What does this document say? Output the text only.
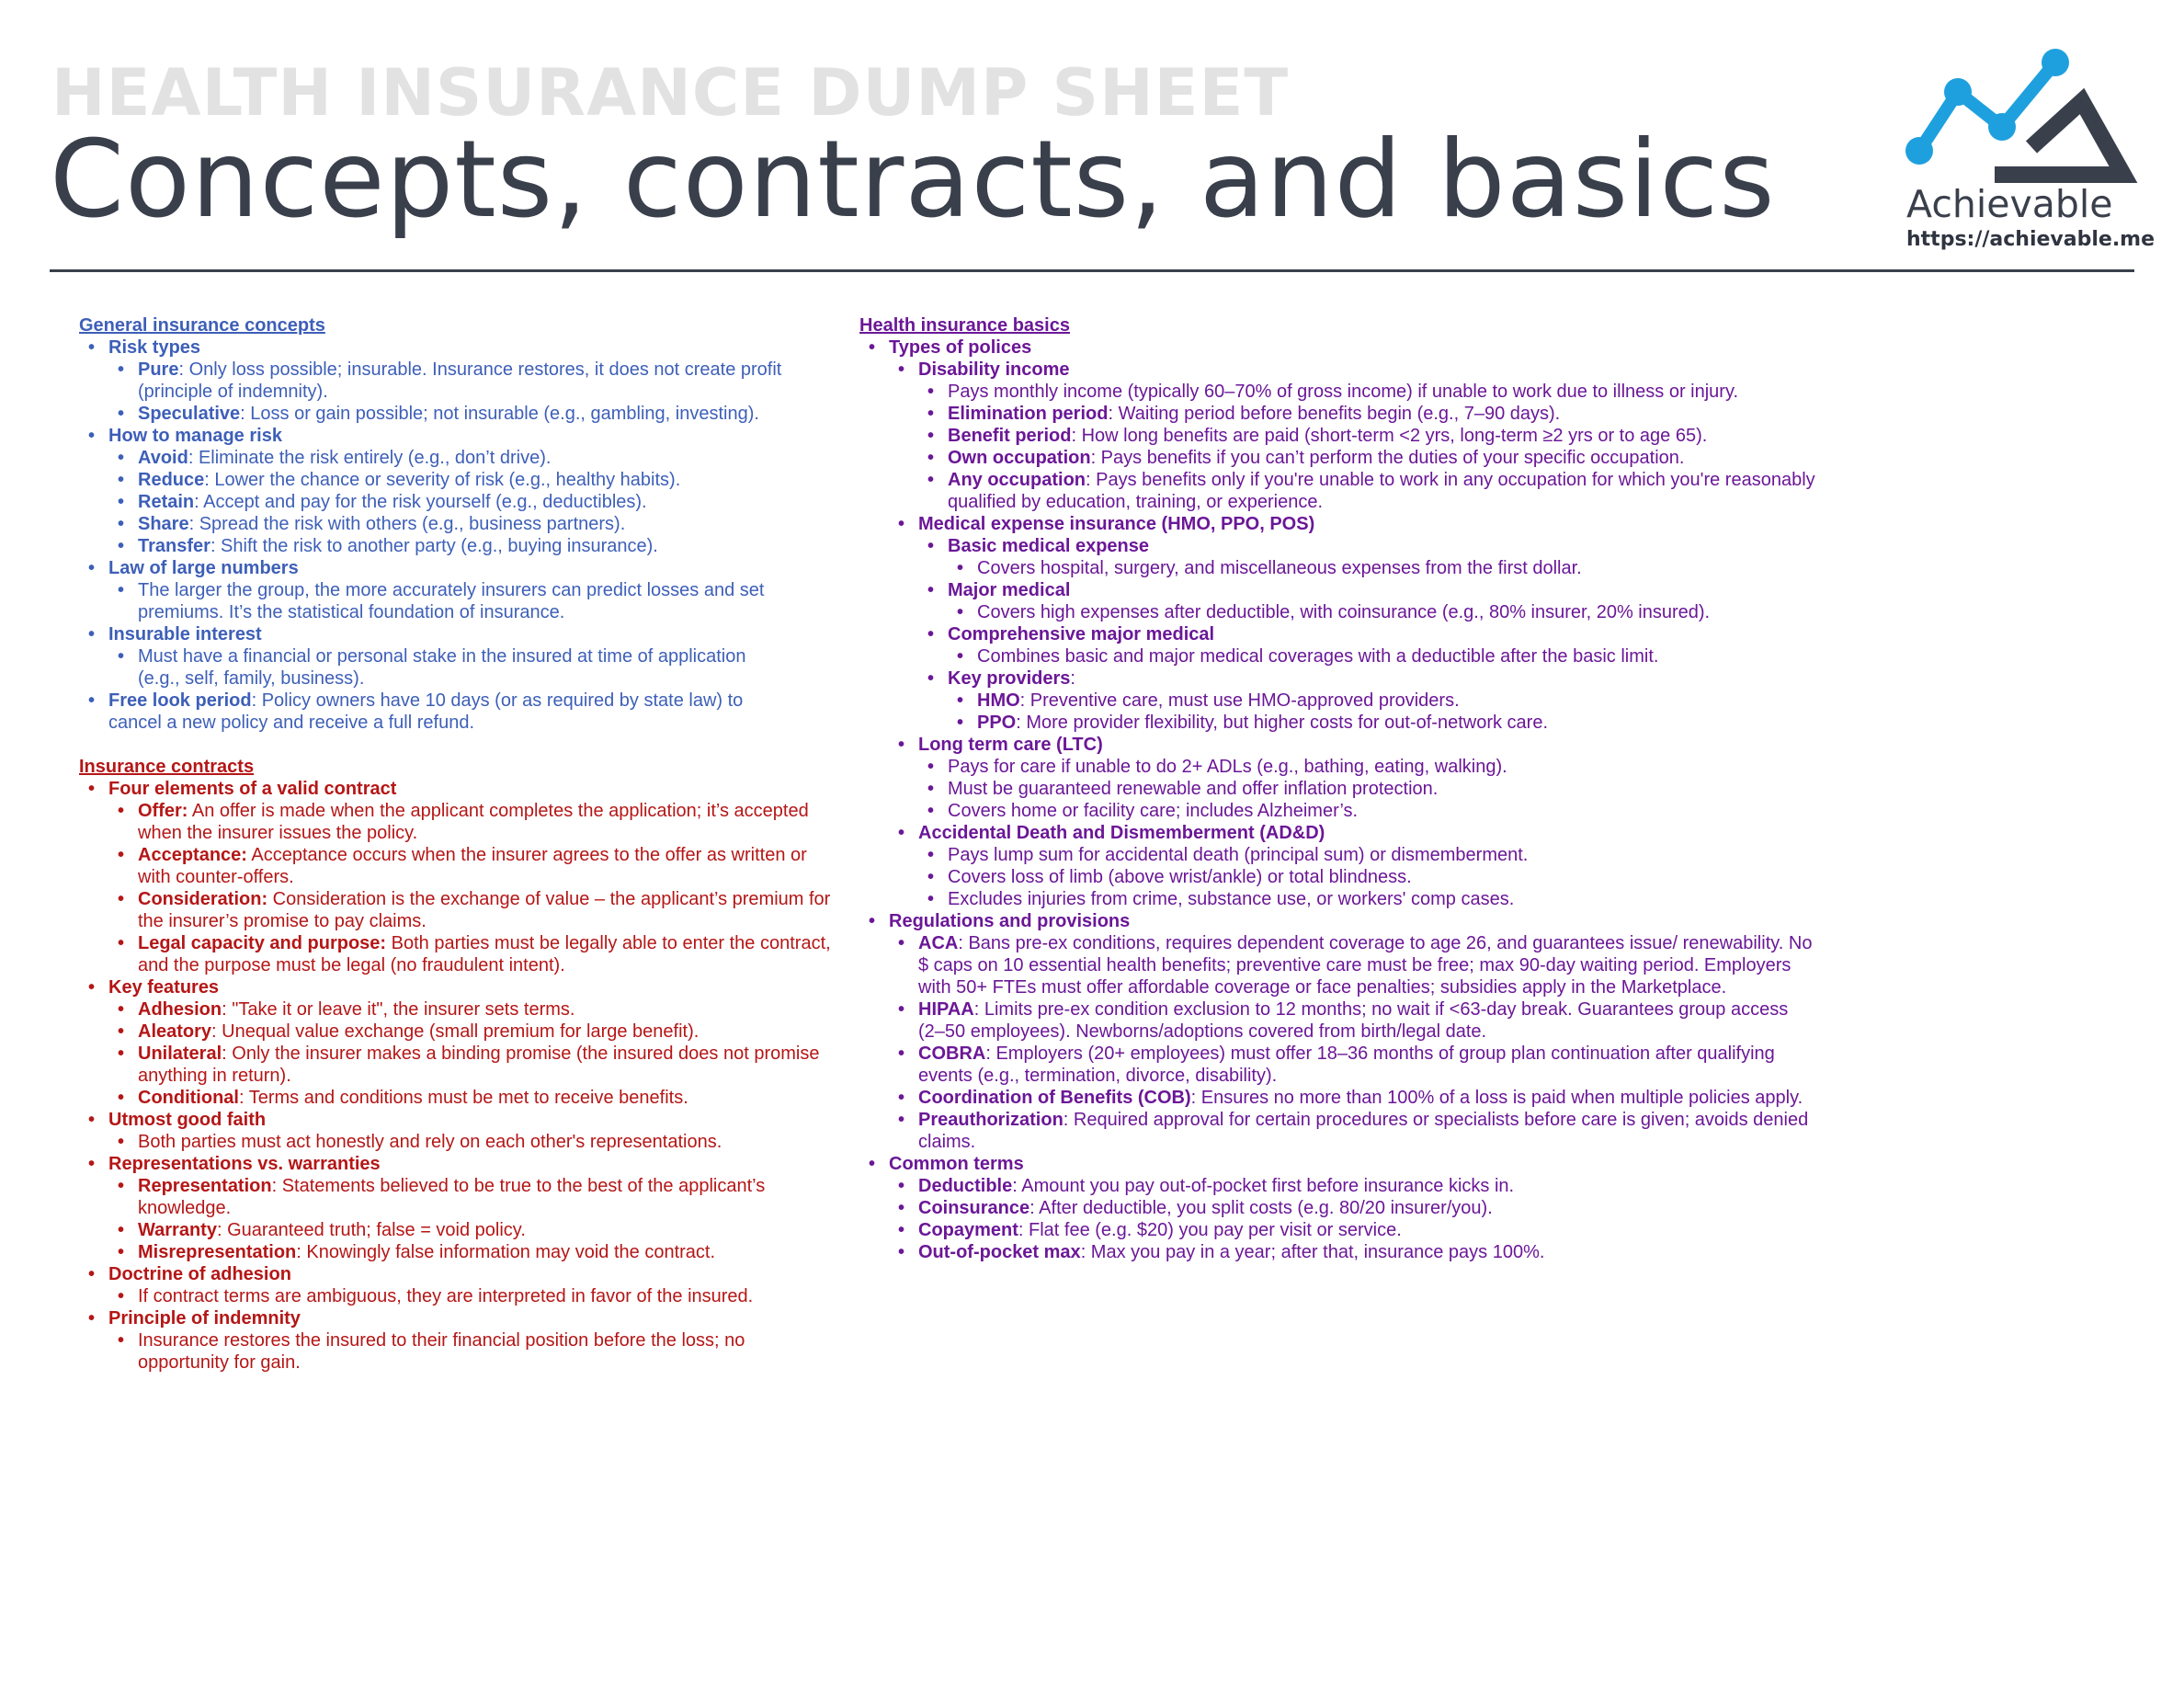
HEALTH INSURANCE DUMP SHEET
Concepts, contracts, and basics	Achievable
https://achievable.me
General insurance concepts
• Risk types
• Pure: Only loss possible; insurable. Insurance restores, it does not create profit (principle of indemnity).
• Speculative: Loss or gain possible; not insurable (e.g., gambling, investing).
• How to manage risk
• Avoid: Eliminate the risk entirely (e.g., don’t drive).
• Reduce: Lower the chance or severity of risk (e.g., healthy habits).
• Retain: Accept and pay for the risk yourself (e.g., deductibles).
• Share: Spread the risk with others (e.g., business partners).
• Transfer: Shift the risk to another party (e.g., buying insurance).
• Law of large numbers
• The larger the group, the more accurately insurers can predict losses and set premiums. It’s the statistical foundation of insurance.
• Insurable interest
• Must have a financial or personal stake in the insured at time of application (e.g., self, family, business).
• Free look period: Policy owners have 10 days (or as required by state law) to cancel a new policy and receive a full refund.
Insurance contracts
• Four elements of a valid contract
• Offer: An offer is made when the applicant completes the application; it’s accepted when the insurer issues the policy.
• Acceptance: Acceptance occurs when the insurer agrees to the offer as written or with counter-offers.
• Consideration: Consideration is the exchange of value – the applicant’s premium for the insurer’s promise to pay claims.
• Legal capacity and purpose: Both parties must be legally able to enter the contract, and the purpose must be legal (no fraudulent intent).
• Key features
• Adhesion: "Take it or leave it", the insurer sets terms.
• Aleatory: Unequal value exchange (small premium for large benefit).
• Unilateral: Only the insurer makes a binding promise (the insured does not promise anything in return).
• Conditional: Terms and conditions must be met to receive benefits.
• Utmost good faith
• Both parties must act honestly and rely on each other's representations.
• Representations vs. warranties
• Representation: Statements believed to be true to the best of the applicant’s knowledge.
• Warranty: Guaranteed truth; false = void policy.
• Misrepresentation: Knowingly false information may void the contract.
• Doctrine of adhesion
• If contract terms are ambiguous, they are interpreted in favor of the insured.
• Principle of indemnity
• Insurance restores the insured to their financial position before the loss; no opportunity for gain.
Health insurance basics
• Types of polices
• Disability income
• Pays monthly income (typically 60–70% of gross income) if unable to work due to illness or injury.
• Elimination period: Waiting period before benefits begin (e.g., 7–90 days).
• Benefit period: How long benefits are paid (short-term <2 yrs, long-term ≥2 yrs or to age 65).
• Own occupation: Pays benefits if you can’t perform the duties of your specific occupation.
• Any occupation: Pays benefits only if you're unable to work in any occupation for which you're reasonably qualified by education, training, or experience.
• Medical expense insurance (HMO, PPO, POS)
• Basic medical expense
• Covers hospital, surgery, and miscellaneous expenses from the first dollar.
• Major medical
• Covers high expenses after deductible, with coinsurance (e.g., 80% insurer, 20% insured).
• Comprehensive major medical
• Combines basic and major medical coverages with a deductible after the basic limit.
• Key providers:
• HMO: Preventive care, must use HMO-approved providers.
• PPO: More provider flexibility, but higher costs for out-of-network care.
• Long term care (LTC)
• Pays for care if unable to do 2+ ADLs (e.g., bathing, eating, walking).
• Must be guaranteed renewable and offer inflation protection.
• Covers home or facility care; includes Alzheimer’s.
• Accidental Death and Dismemberment (AD&D)
• Pays lump sum for accidental death (principal sum) or dismemberment.
• Covers loss of limb (above wrist/ankle) or total blindness.
• Excludes injuries from crime, substance use, or workers' comp cases.
• Regulations and provisions
• ACA: Bans pre-ex conditions, requires dependent coverage to age 26, and guarantees issue/ renewability. No $ caps on 10 essential health benefits; preventive care must be free; max 90-day waiting period. Employers with 50+ FTEs must offer affordable coverage or face penalties; subsidies apply in the Marketplace.
• HIPAA: Limits pre-ex condition exclusion to 12 months; no wait if <63-day break. Guarantees group access (2–50 employees). Newborns/adoptions covered from birth/legal date.
• COBRA: Employers (20+ employees) must offer 18–36 months of group plan continuation after qualifying events (e.g., termination, divorce, disability).
• Coordination of Benefits (COB): Ensures no more than 100% of a loss is paid when multiple policies apply.
• Preauthorization: Required approval for certain procedures or specialists before care is given; avoids denied claims.
• Common terms
• Deductible: Amount you pay out-of-pocket first before insurance kicks in.
• Coinsurance: After deductible, you split costs (e.g. 80/20 insurer/you).
• Copayment: Flat fee (e.g. $20) you pay per visit or service.
• Out-of-pocket max: Max you pay in a year; after that, insurance pays 100%.
